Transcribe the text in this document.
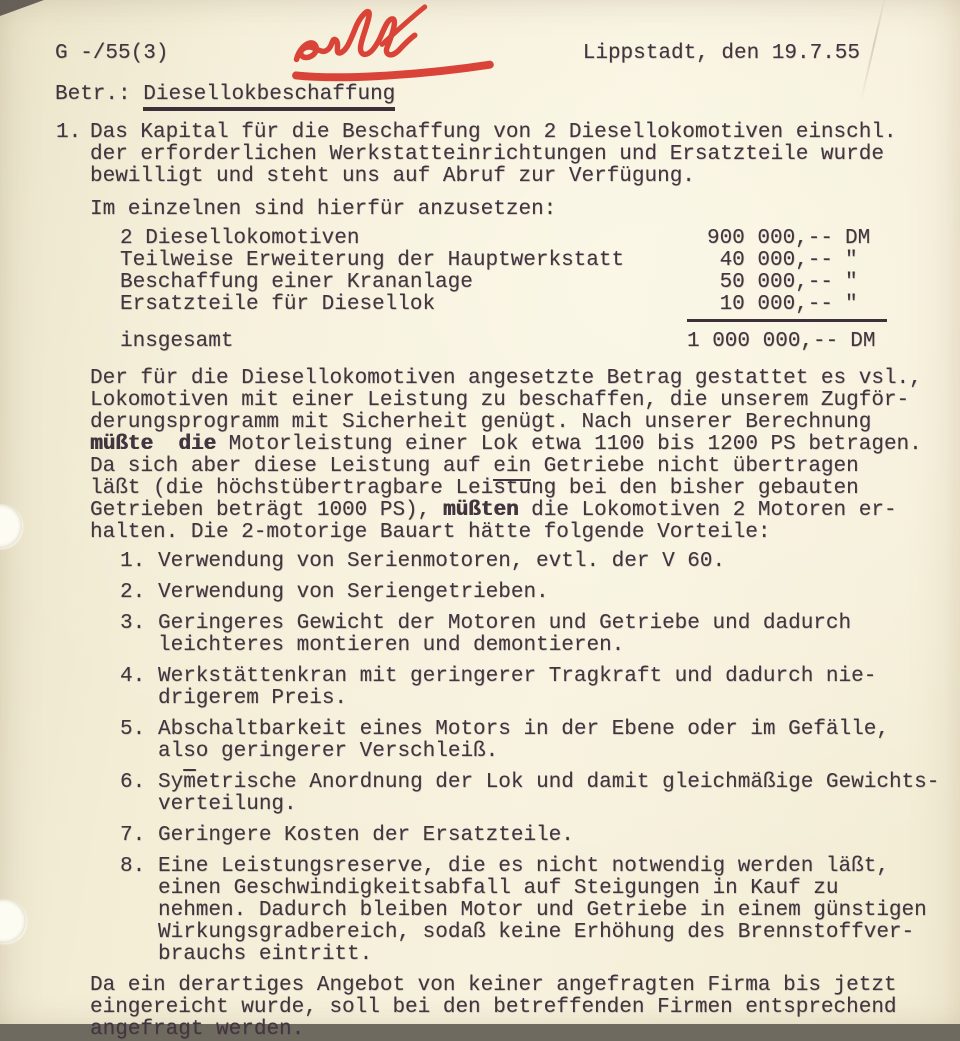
G -/55(3)	Lippstadt, den 19.7.55
Betr.: Diesellokbeschaffung
1. Das Kapital für die Beschaffung von 2 Diesellokomotiven einschl.
der erforderlichen Werkstatteinrichtungen und Ersatzteile wurde
bewilligt und steht uns auf Abruf zur Verfügung.
Im einzelnen sind hierfür anzusetzen:
2 Diesellokomotiven	900 000,-- DM
Teilweise Erweiterung der Hauptwerkstatt	40 000,-- "
Beschaffung einer Krananlage	50 000,-- "
Ersatzteile für Diesellok	10 000,-- "
insgesamt	1 000 000,-- DM
Der für die Diesellokomotiven angesetzte Betrag gestattet es vsl.,
Lokomotiven mit einer Leistung zu beschaffen, die unserem Zugför-
derungsprogramm mit Sicherheit genügt. Nach unserer Berechnung
müßte  die Motorleistung einer Lok etwa 1100 bis 1200 PS betragen.
Da sich aber diese Leistung auf ein Getriebe nicht übertragen
läßt (die höchstübertragbare Leistung bei den bisher gebauten
Getrieben beträgt 1000 PS), müßten die Lokomotiven 2 Motoren er-
halten. Die 2-motorige Bauart hätte folgende Vorteile:
1. Verwendung von Serienmotoren, evtl. der V 60.
2. Verwendung von Seriengetrieben.
3. Geringeres Gewicht der Motoren und Getriebe und dadurch
leichteres montieren und demontieren.
4. Werkstättenkran mit geringerer Tragkraft und dadurch nie-
drigerem Preis.
5. Abschaltbarkeit eines Motors in der Ebene oder im Gefälle,
also geringerer Verschleiß.
6. $Sy\overline{m}etrische$ Anordnung der Lok und damit gleichmäßige Gewichts-
verteilung.
7. Geringere Kosten der Ersatzteile.
8. Eine Leistungsreserve, die es nicht notwendig werden läßt,
einen Geschwindigkeitsabfall auf Steigungen in Kauf zu
nehmen. Dadurch bleiben Motor und Getriebe in einem günstigen
Wirkungsgradbereich, sodaß keine Erhöhung des Brennstoffver-
brauchs eintritt.
Da ein derartiges Angebot von keiner angefragten Firma bis jetzt
eingereicht wurde, soll bei den betreffenden Firmen entsprechend
angefragt werden.
